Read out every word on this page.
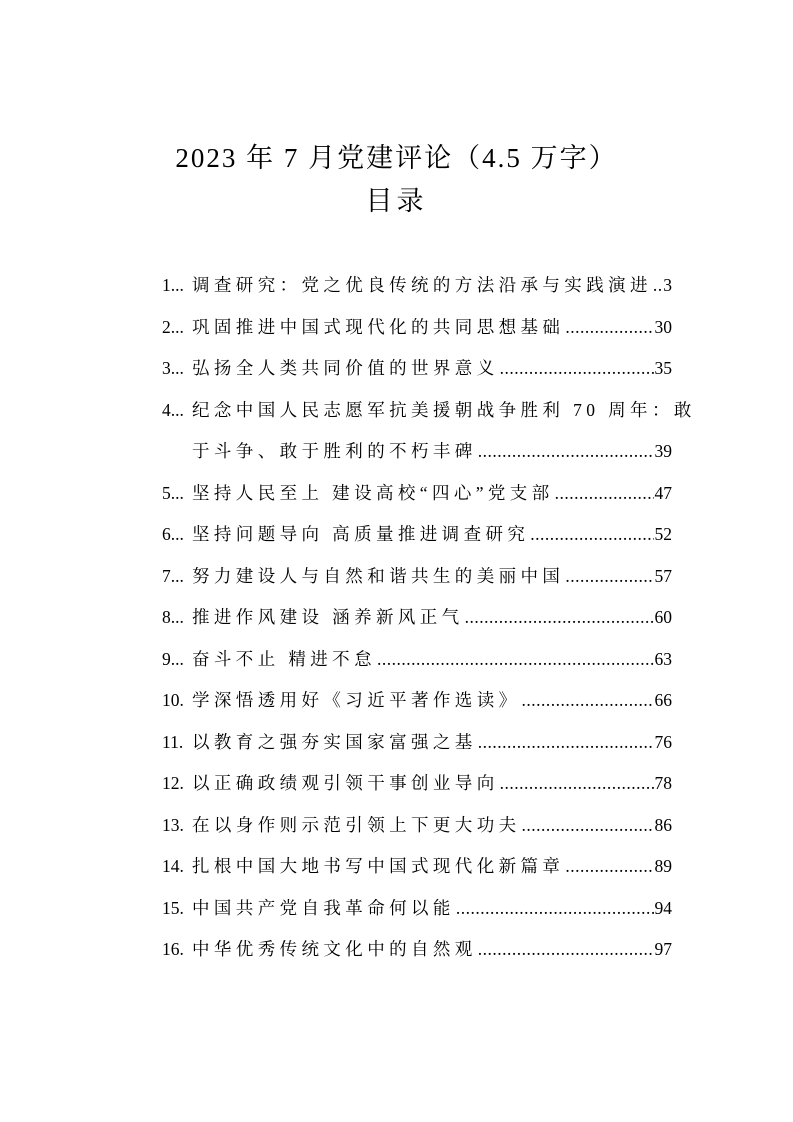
2023 年 7 月党建评论（4.5 万字）
目录
1... 调查研究：党之优良传统的方法沿承与实践演进 ..... 3
2... 巩固推进中国式现代化的共同思想基础 .....	30
3... 弘扬全人类共同价值的世界意义 .....	35
4... 纪念中国人民志愿军抗美援朝战争胜利 70 周年：敢
于斗争、敢于胜利的不朽丰碑 .....	39
5... 坚持人民至上 建设高校“四心”党支部 .....	47
6... 坚持问题导向 高质量推进调查研究 .....	52
7... 努力建设人与自然和谐共生的美丽中国 .....	57
8... 推进作风建设 涵养新风正气 .....	60
9... 奋斗不止 精进不怠 .....	63
10. 学深悟透用好《习近平著作选读》 .....	66
11. 以教育之强夯实国家富强之基 .....	76
12. 以正确政绩观引领干事创业导向 .....	78
13. 在以身作则示范引领上下更大功夫 .....	86
14. 扎根中国大地书写中国式现代化新篇章 .....	89
15. 中国共产党自我革命何以能 .....	94
16. 中华优秀传统文化中的自然观 .....	97
